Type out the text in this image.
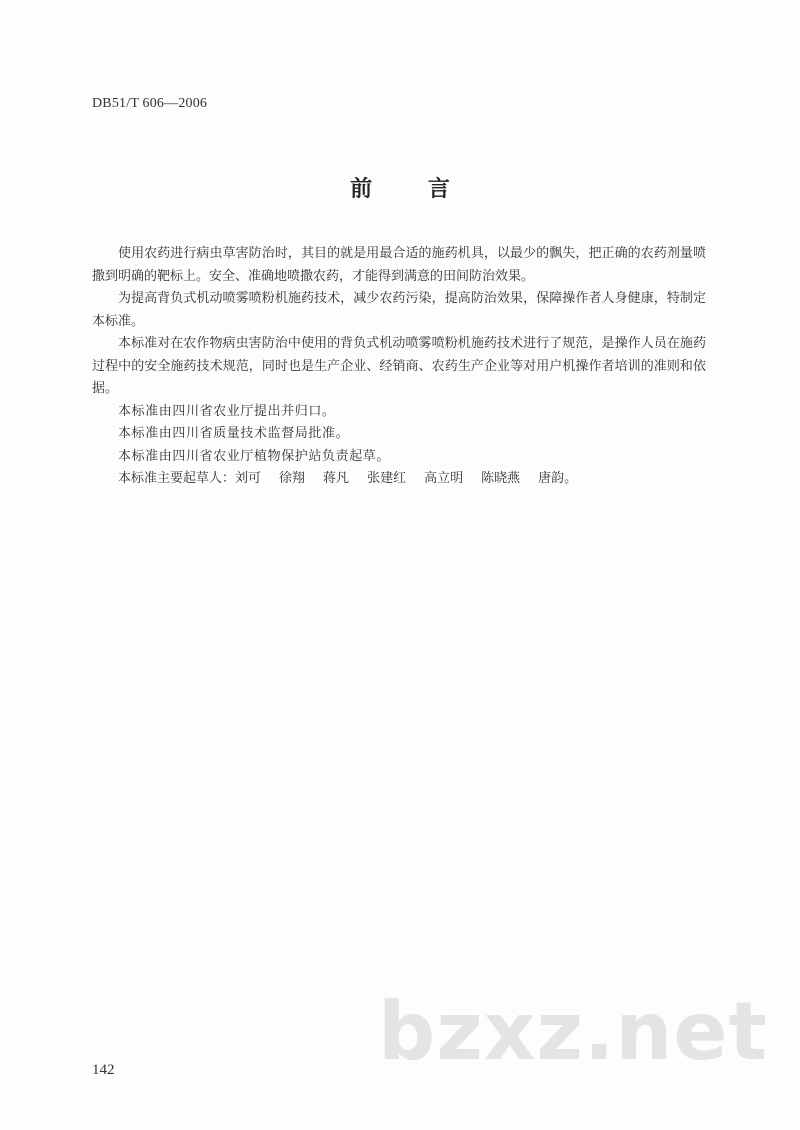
DB51/T 606—2006
前 言

使用农药进行病虫草害防治时，其目的就是用最合适的施药机具，以最少的飘失，把正确的农药剂量喷撒到明确的靶标上。安全、准确地喷撒农药，才能得到满意的田间防治效果。

为提高背负式机动喷雾喷粉机施药技术，减少农药污染，提高防治效果，保障操作者人身健康，特制定本标准。

本标准对在农作物病虫害防治中使用的背负式机动喷雾喷粉机施药技术进行了规范，是操作人员在施药过程中的安全施药技术规范，同时也是生产企业、经销商、农药生产企业等对用户机操作者培训的准则和依据。

本标准由四川省农业厅提出并归口。

本标准由四川省质量技术监督局批准。

本标准由四川省农业厅植物保护站负责起草。

本标准主要起草人：刘可 徐翔 蒋凡 张建红 高立明 陈晓燕 唐韵。

bzxz.net
142
